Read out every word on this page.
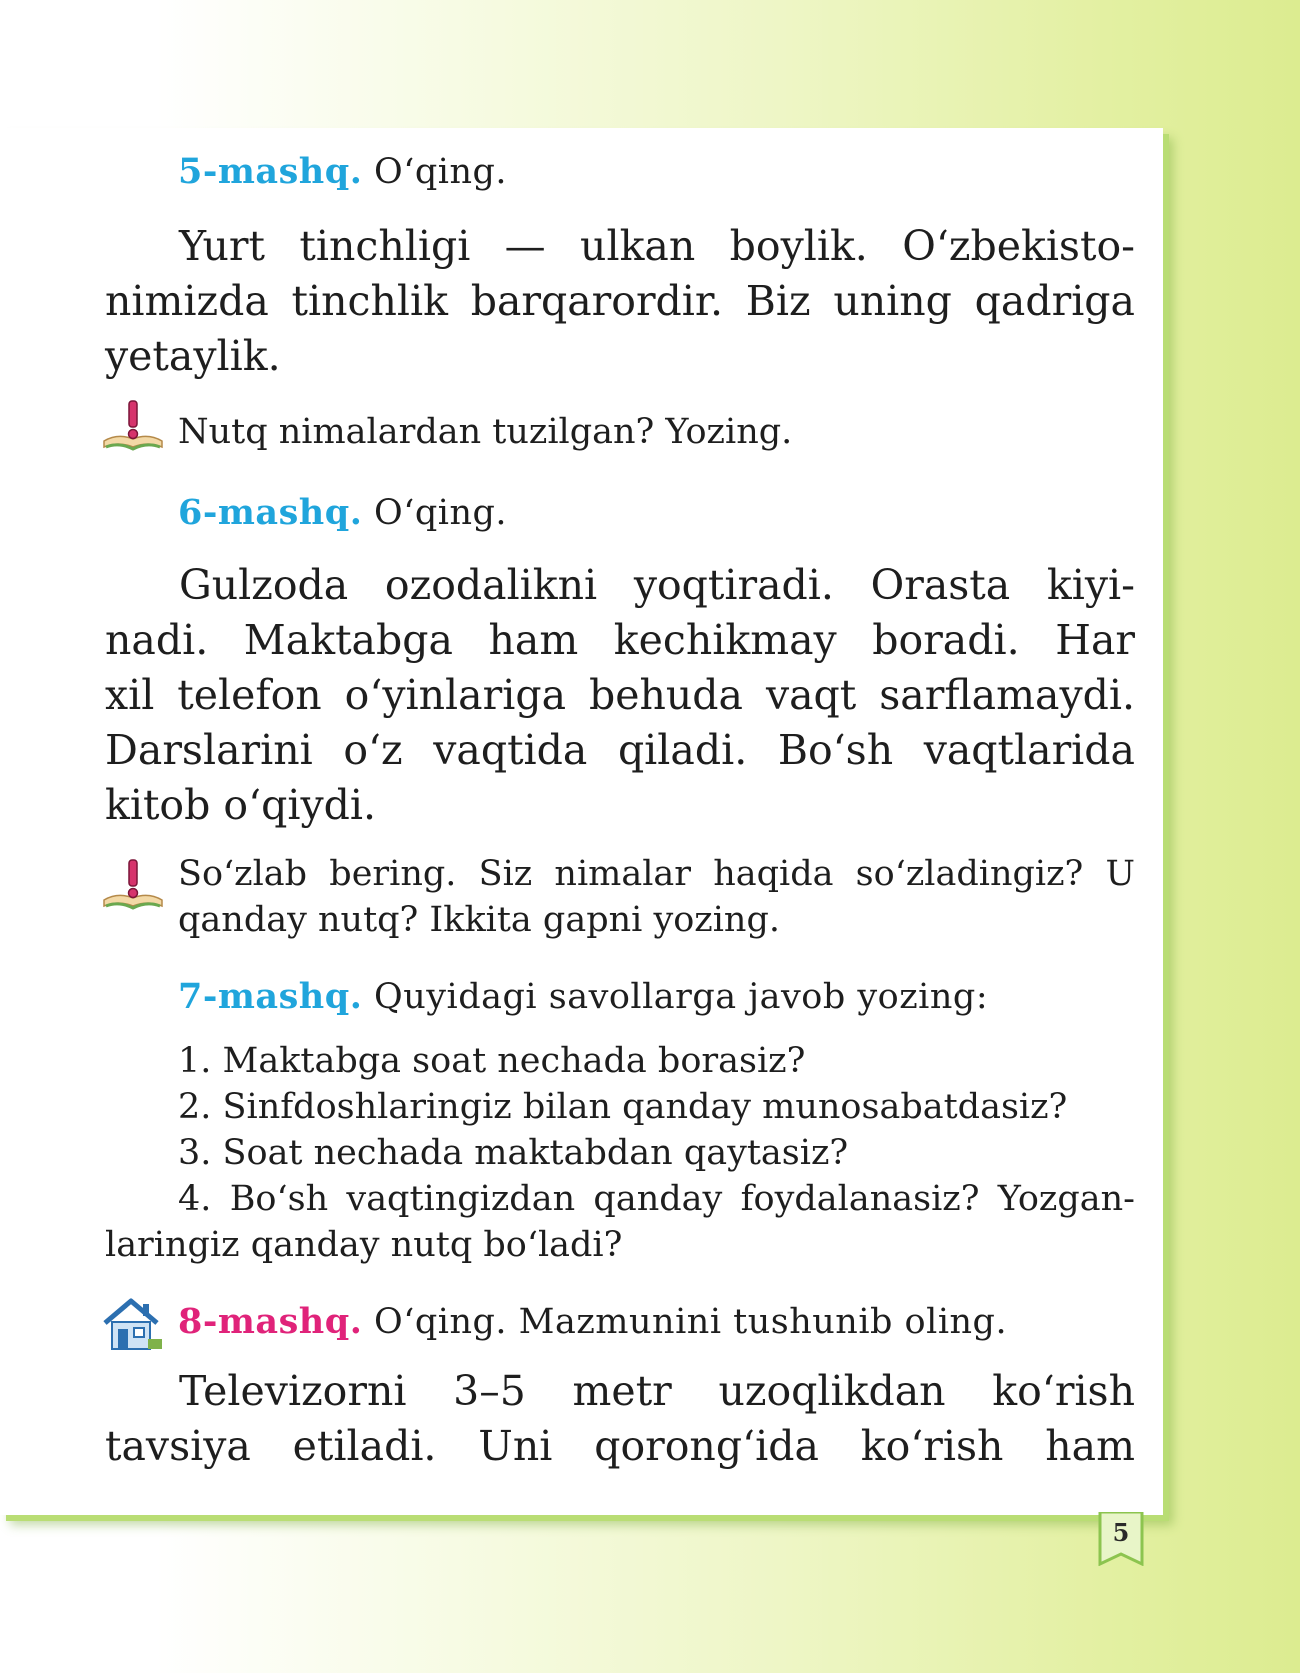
5-mashq. O‘qing.

Yurt tinchligi — ulkan boylik. O‘zbekisto-

nimizda tinchlik barqarordir. Biz uning qadriga

yetaylik.

Nutq nimalardan tuzilgan? Yozing.
6-mashq. O‘qing.

Gulzoda ozodalikni yoqtiradi. Orasta kiyi-

nadi. Maktabga ham kechikmay boradi. Har

xil telefon o‘yinlariga behuda vaqt sarflamaydi.

Darslarini o‘z vaqtida qiladi. Bo‘sh vaqtlarida

kitob o‘qiydi.

So‘zlab bering. Siz nimalar haqida so‘zladingiz? U
qanday nutq? Ikkita gapni yozing.
7-mashq. Quyidagi savollarga javob yozing:
1. Maktabga soat nechada borasiz?
2. Sinfdoshlaringiz bilan qanday munosabatdasiz?
3. Soat nechada maktabdan qaytasiz?
4. Bo‘sh vaqtingizdan qanday foydalanasiz? Yozgan-
laringiz qanday nutq bo‘ladi?
8-mashq. O‘qing. Mazmunini tushunib oling.

Televizorni 3–5 metr uzoqlikdan ko‘rish

tavsiya etiladi. Uni qorong‘ida ko‘rish ham

5
